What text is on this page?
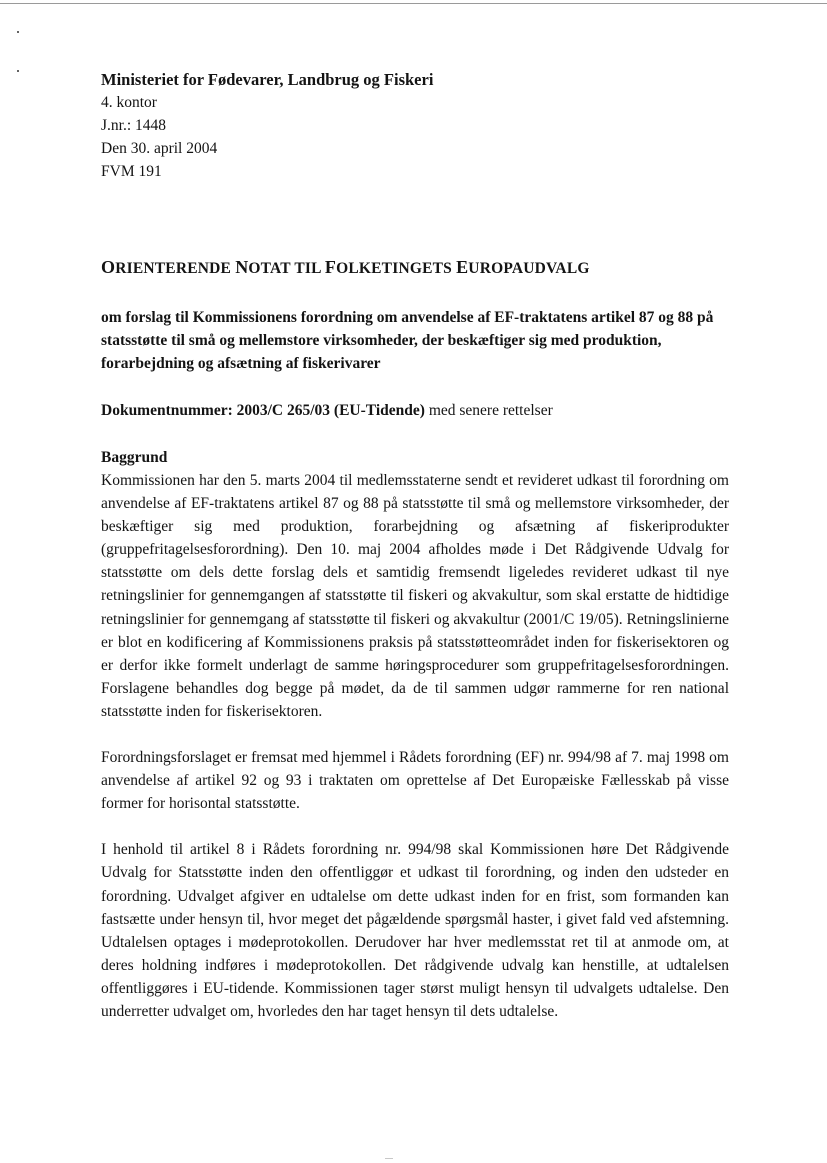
Ministeriet for Fødevarer, Landbrug og Fiskeri
4. kontor
J.nr.: 1448
Den 30. april 2004
FVM 191
ORIENTERENDE NOTAT TIL FOLKETINGETS EUROPAUDVALG
om forslag til Kommissionens forordning om anvendelse af EF-traktatens artikel 87 og 88 på statsstøtte til små og mellemstore virksomheder, der beskæftiger sig med produktion, forarbejdning og afsætning af fiskerivarer
Dokumentnummer: 2003/C 265/03 (EU-Tidende) med senere rettelser
Baggrund

Kommissionen har den 5. marts 2004 til medlemsstaterne sendt et revideret udkast til forordning om anvendelse af EF-traktatens artikel 87 og 88 på statsstøtte til små og mellemstore virksomheder, der beskæftiger sig med produktion, forarbejdning og afsætning af fiskeriprodukter (gruppefritagelsesforordning). Den 10. maj 2004 afholdes møde i Det Rådgivende Udvalg for statsstøtte om dels dette forslag dels et samtidig fremsendt ligeledes revideret udkast til nye retningslinier for gennemgangen af statsstøtte til fiskeri og akvakultur, som skal erstatte de hidtidige retningslinier for gennemgang af statsstøtte til fiskeri og akvakultur (2001/C 19/05). Retningslinierne er blot en kodificering af Kommissionens praksis på statsstøtteområdet inden for fiskerisektoren og er derfor ikke formelt underlagt de samme høringsprocedurer som gruppefritagelsesforordningen. Forslagene behandles dog begge på mødet, da de til sammen udgør rammerne for ren national statsstøtte inden for fiskerisektoren.

Forordningsforslaget er fremsat med hjemmel i Rådets forordning (EF) nr. 994/98 af 7. maj 1998 om anvendelse af artikel 92 og 93 i traktaten om oprettelse af Det Europæiske Fællesskab på visse former for horisontal statsstøtte.

I henhold til artikel 8 i Rådets forordning nr. 994/98 skal Kommissionen høre Det Rådgivende Udvalg for Statsstøtte inden den offentliggør et udkast til forordning, og inden den udsteder en forordning. Udvalget afgiver en udtalelse om dette udkast inden for en frist, som formanden kan fastsætte under hensyn til, hvor meget det pågældende spørgsmål haster, i givet fald ved afstemning. Udtalelsen optages i mødeprotokollen. Derudover har hver medlemsstat ret til at anmode om, at deres holdning indføres i mødeprotokollen. Det rådgivende udvalg kan henstille, at udtalelsen offentliggøres i EU-tidende. Kommissionen tager størst muligt hensyn til udvalgets udtalelse. Den underretter udvalget om, hvorledes den har taget hensyn til dets udtalelse.
